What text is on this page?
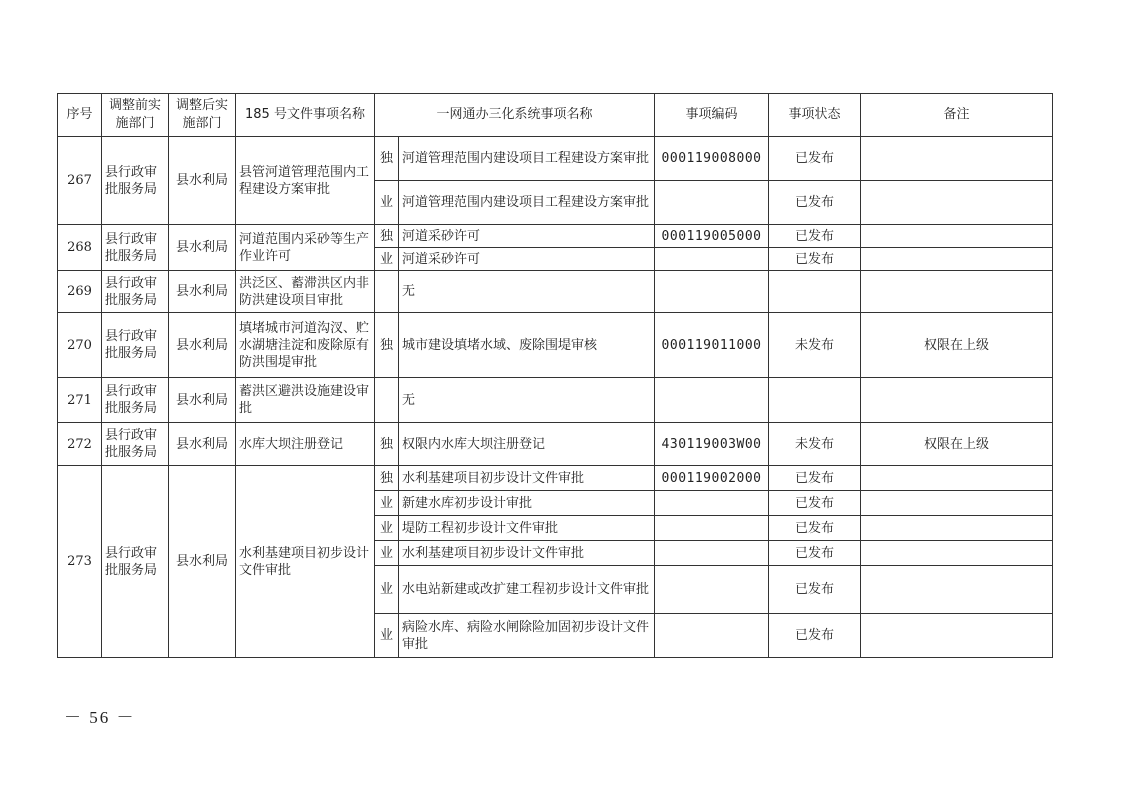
序号	调整前实施部门	调整后实施部门	185 号文件事项名称	一网通办三化系统事项名称		事项编码	事项状态	备注
267	县行政审批服务局	县水利局	县管河道管理范围内工程建设方案审批	独	河道管理范围内建设项目工程建设方案审批	000119008000	已发布	
				业	河道管理范围内建设项目工程建设方案审批		已发布	
268	县行政审批服务局	县水利局	河道范围内采砂等生产作业许可	独	河道采砂许可	000119005000	已发布	
				业	河道采砂许可		已发布	
269	县行政审批服务局	县水利局	洪泛区、蓄滞洪区内非防洪建设项目审批		无			
270	县行政审批服务局	县水利局	填堵城市河道沟汊、贮水湖塘洼淀和废除原有防洪围堤审批	独	城市建设填堵水域、废除围堤审核	000119011000	未发布	权限在上级
271	县行政审批服务局	县水利局	蓄洪区避洪设施建设审批		无			
272	县行政审批服务局	县水利局	水库大坝注册登记	独	权限内水库大坝注册登记	430119003W00	未发布	权限在上级
273	县行政审批服务局	县水利局	水利基建项目初步设计文件审批	独	水利基建项目初步设计文件审批	000119002000	已发布	
				业	新建水库初步设计审批		已发布	
				业	堤防工程初步设计文件审批		已发布	
				业	水利基建项目初步设计文件审批		已发布	
				业	水电站新建或改扩建工程初步设计文件审批		已发布	
				业	病险水库、病险水闸除险加固初步设计文件审批		已发布	
－ 56 －
